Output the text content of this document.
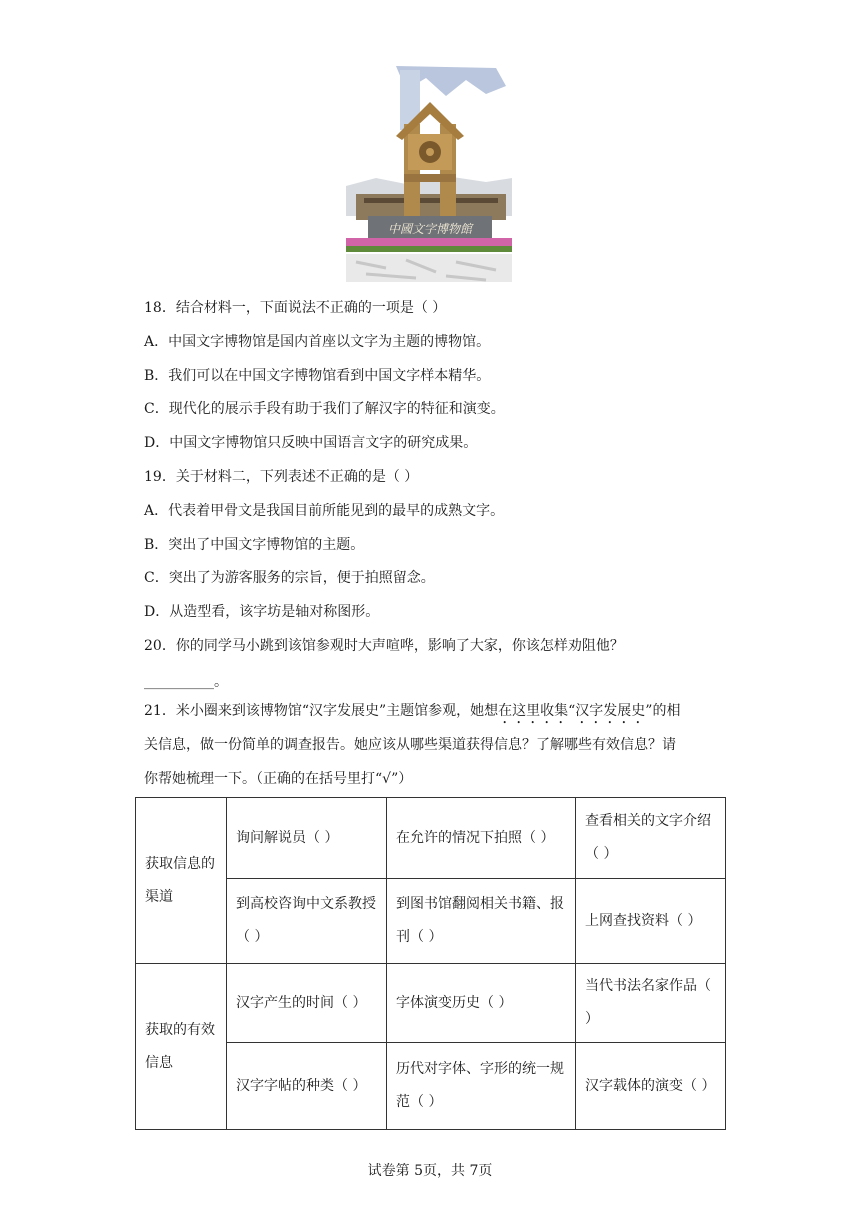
中國文字博物館
18．结合材料一，下面说法不正确的一项是（ ）
A．中国文字博物馆是国内首座以文字为主题的博物馆。
B．我们可以在中国文字博物馆看到中国文字样本精华。
C．现代化的展示手段有助于我们了解汉字的特征和演变。
D．中国文字博物馆只反映中国语言文字的研究成果。
19．关于材料二，下列表述不正确的是（ ）
A．代表着甲骨文是我国目前所能见到的最早的成熟文字。
B．突出了中国文字博物馆的主题。
C．突出了为游客服务的宗旨，便于拍照留念。
D．从造型看，该字坊是轴对称图形。
20．你的同学马小跳到该馆参观时大声喧哗，影响了大家，你该怎样劝阻他？
__________。
21．米小圈来到该博物馆“汉字发展史”主题馆参观，她想在这里收集“汉字发展史”的相
关信息，做一份简单的调查报告。她应该从哪些渠道获得信息？了解哪些有效信息？请
你帮她梳理一下。（正确的在括号里打“√”）
获取信息的渠道	询问解说员（ ）	在允许的情况下拍照（ ）	查看相关的文字介绍（ ）
	到高校咨询中文系教授（ ）	到图书馆翻阅相关书籍、报刊（ ）	上网查找资料（ ）
获取的有效信息	汉字产生的时间（ ）	字体演变历史（ ）	当代书法名家作品（ ）
	汉字字帖的种类（ ）	历代对字体、字形的统一规范（ ）	汉字载体的演变（ ）
试卷第 5页，共 7页
